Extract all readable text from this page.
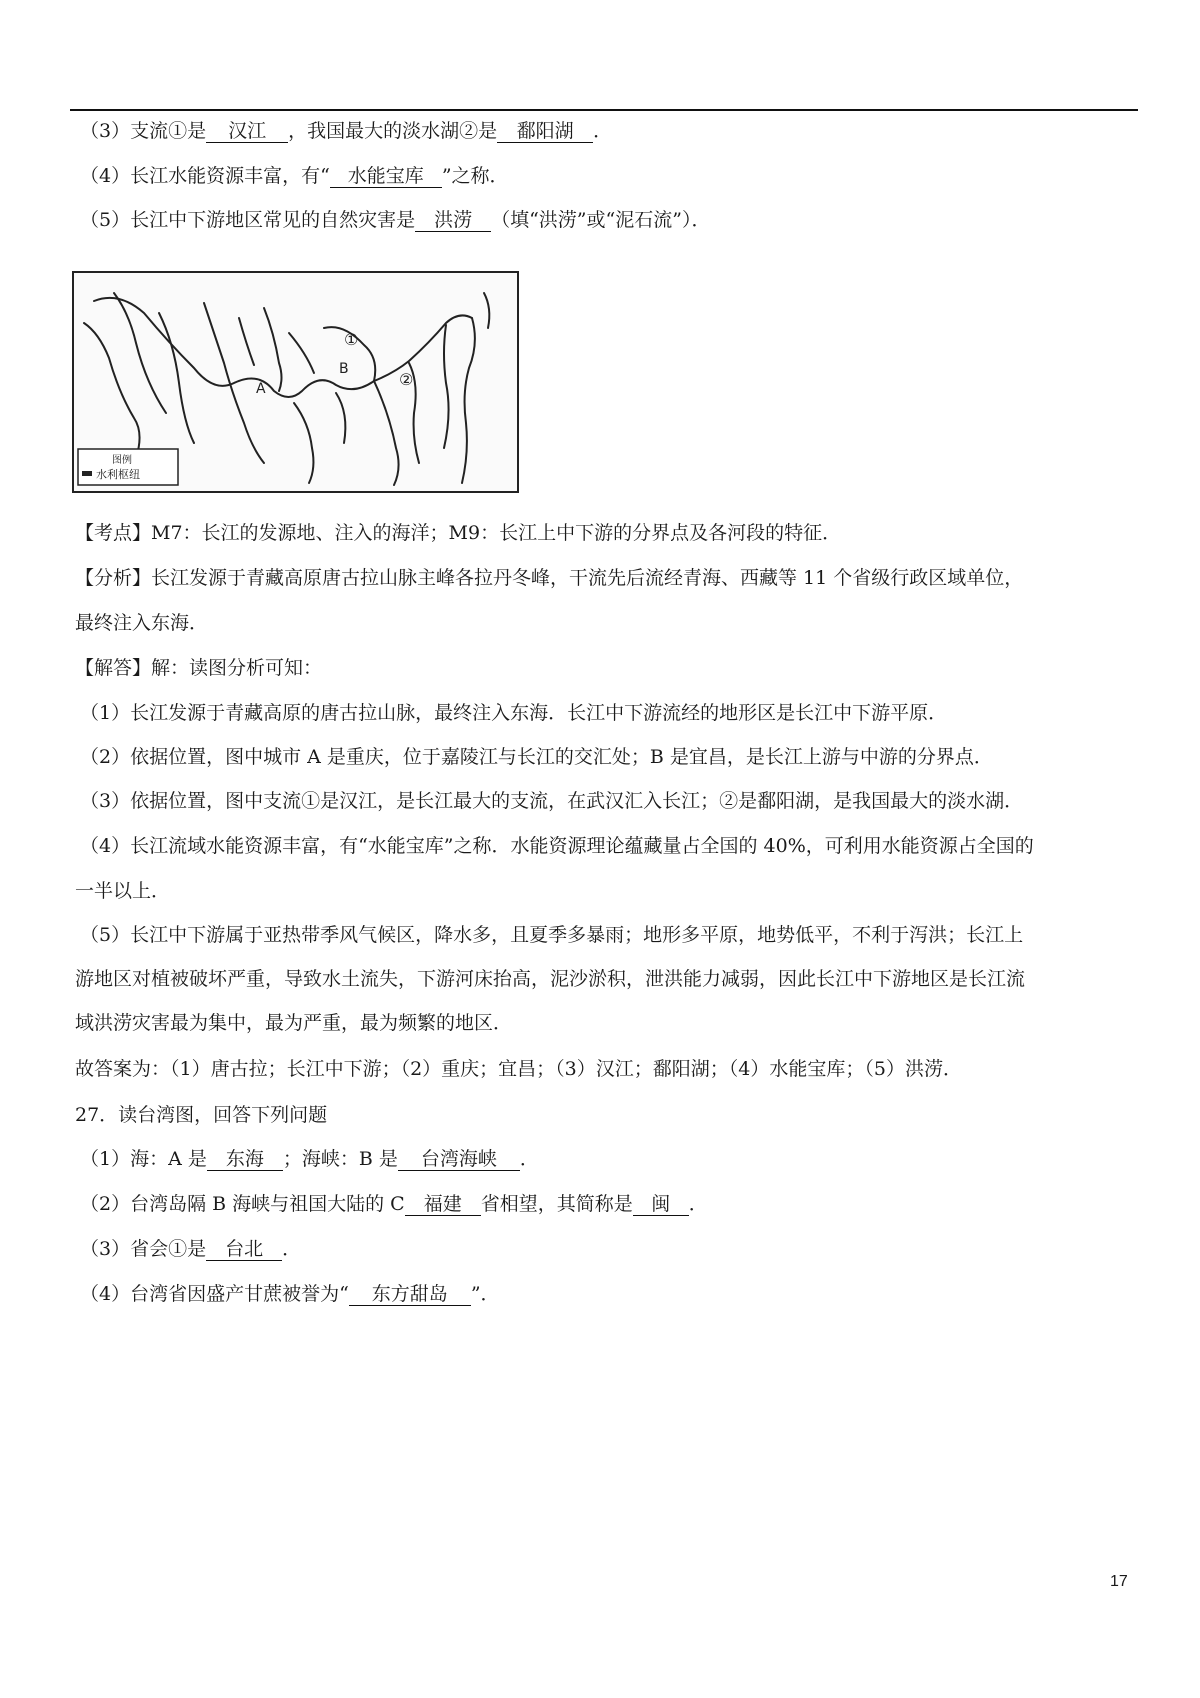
（3）支流①是 汉江 ，我国最大的淡水湖②是 鄱阳湖 ．
（4）长江水能资源丰富，有“ 水能宝库 ”之称．
（5）长江中下游地区常见的自然灾害是 洪涝 （填“洪涝”或“泥石流”）．
A
B
①
②
图例
水利枢纽
【考点】M7：长江的发源地、注入的海洋；M9：长江上中下游的分界点及各河段的特征．
【分析】长江发源于青藏高原唐古拉山脉主峰各拉丹冬峰，干流先后流经青海、西藏等 11 个省级行政区域单位，
最终注入东海．
【解答】解：读图分析可知：
（1）长江发源于青藏高原的唐古拉山脉，最终注入东海．长江中下游流经的地形区是长江中下游平原．
（2）依据位置，图中城市 A 是重庆，位于嘉陵江与长江的交汇处；B 是宜昌，是长江上游与中游的分界点．
（3）依据位置，图中支流①是汉江，是长江最大的支流，在武汉汇入长江；②是鄱阳湖，是我国最大的淡水湖．
（4）长江流域水能资源丰富，有“水能宝库”之称．水能资源理论蕴藏量占全国的 40%，可利用水能资源占全国的
一半以上．
（5）长江中下游属于亚热带季风气候区，降水多，且夏季多暴雨；地形多平原，地势低平，不利于泻洪；长江上
游地区对植被破坏严重，导致水土流失，下游河床抬高，泥沙淤积，泄洪能力减弱，因此长江中下游地区是长江流
域洪涝灾害最为集中，最为严重，最为频繁的地区．
故答案为：（1）唐古拉；长江中下游；（2）重庆；宜昌；（3）汉江；鄱阳湖；（4）水能宝库；（5）洪涝．
27．读台湾图，回答下列问题
（1）海：A 是 东海 ；海峡：B 是 台湾海峡 ．
（2）台湾岛隔 B 海峡与祖国大陆的 C 福建 省相望，其简称是 闽 ．
（3）省会①是 台北 ．
（4）台湾省因盛产甘蔗被誉为“ 东方甜岛 ”．
17
